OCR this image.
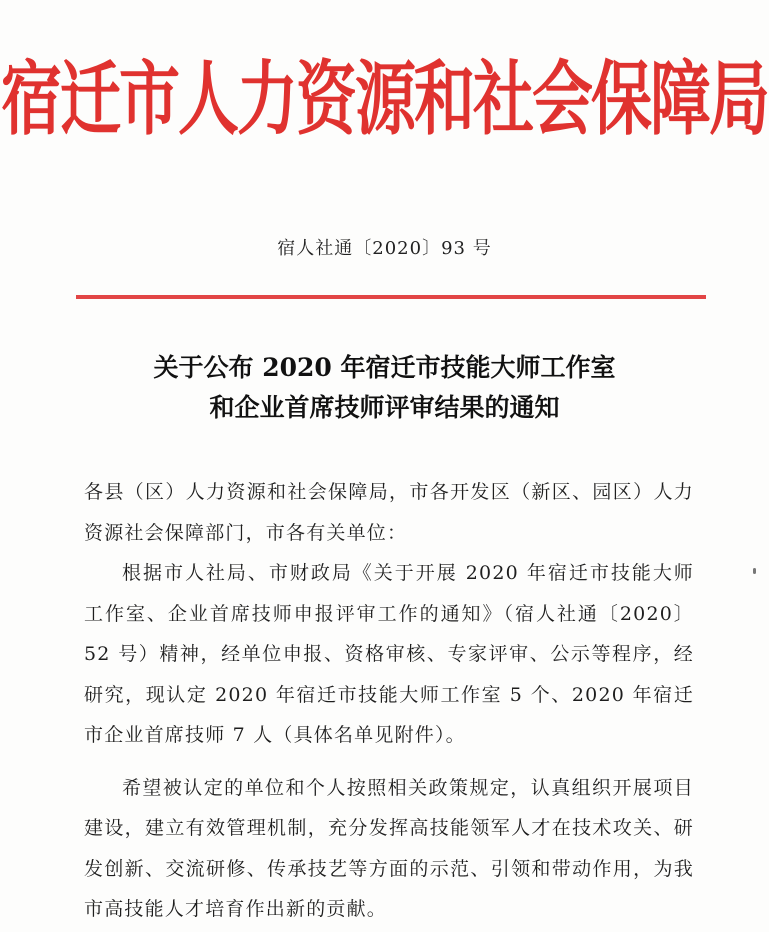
宿迁市人力资源和社会保障局
宿人社通〔2020〕93 号
关于公布 2020 年宿迁市技能大师工作室
和企业首席技师评审结果的通知

各县（区）人力资源和社会保障局，市各开发区（新区、园区）人力资源社会保障部门，市各有关单位：

根据市人社局、市财政局《关于开展 2020 年宿迁市技能大师工作室、企业首席技师申报评审工作的通知》（宿人社通〔2020〕52 号）精神，经单位申报、资格审核、专家评审、公示等程序，经研究，现认定 2020 年宿迁市技能大师工作室 5 个、2020 年宿迁市企业首席技师 7 人（具体名单见附件）。

希望被认定的单位和个人按照相关政策规定，认真组织开展项目建设，建立有效管理机制，充分发挥高技能领军人才在技术攻关、研发创新、交流研修、传承技艺等方面的示范、引领和带动作用，为我市高技能人才培育作出新的贡献。
